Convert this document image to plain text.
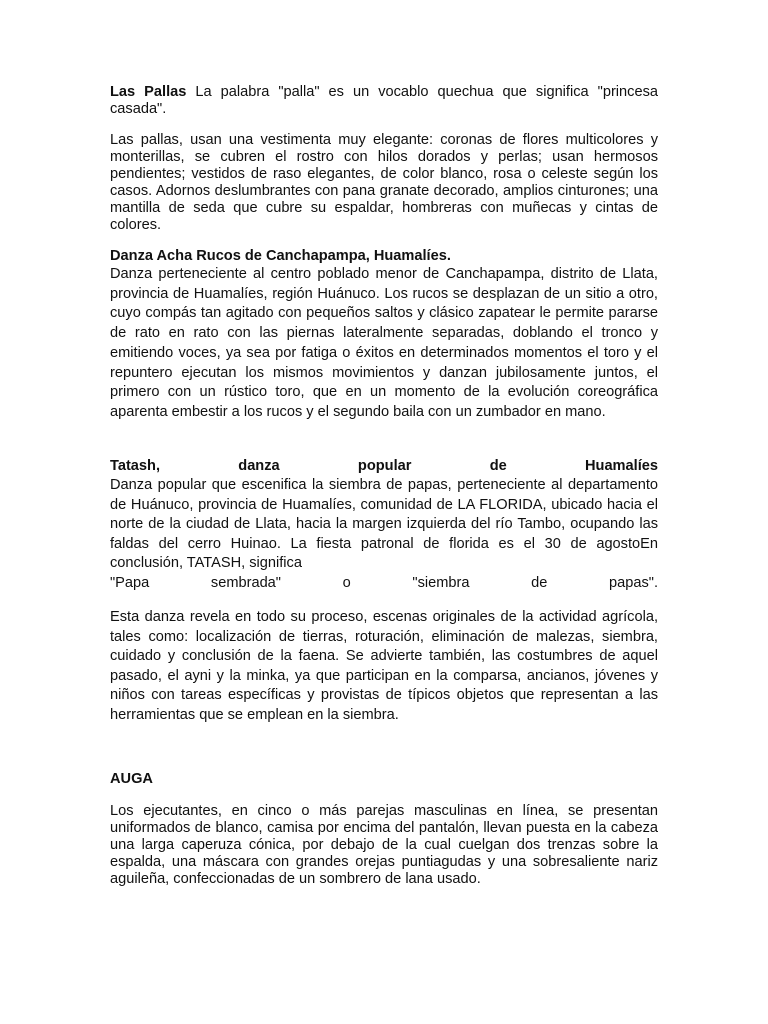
Las Pallas La palabra "palla" es un vocablo quechua que significa "princesa casada".

Las pallas, usan una vestimenta muy elegante: coronas de flores multicolores y monterillas, se cubren el rostro con hilos dorados y perlas; usan hermosos pendientes; vestidos de raso elegantes, de color blanco, rosa o celeste según los casos. Adornos deslumbrantes con pana granate decorado, amplios cinturones; una mantilla de seda que cubre su espaldar, hombreras con muñecas y cintas de colores.

Danza Acha Rucos de Canchapampa, Huamalíes.

Danza perteneciente al centro poblado menor de Canchapampa, distrito de Llata, provincia de Huamalíes, región Huánuco. Los rucos se desplazan de un sitio a otro, cuyo compás tan agitado con pequeños saltos y clásico zapatear le permite pararse de rato en rato con las piernas lateralmente separadas, doblando el tronco y emitiendo voces, ya sea por fatiga o éxitos en determinados momentos el toro y el repuntero ejecutan los mismos movimientos y danzan jubilosamente juntos, el primero con un rústico toro, que en un momento de la evolución coreográfica aparenta embestir a los rucos y el segundo baila con un zumbador en mano.

Tatash,	danza	popular	de	Huamalíes

Danza popular que escenifica la siembra de papas, perteneciente al departamento de Huánuco, provincia de Huamalíes, comunidad de LA FLORIDA, ubicado hacia el norte de la ciudad de Llata, hacia la margen izquierda del río Tambo, ocupando las faldas del cerro Huinao. La fiesta patronal de florida es el 30 de agostoEn conclusión, TATASH, significa

"Papa	sembrada"	o	"siembra	de	papas".

Esta danza revela en todo su proceso, escenas originales de la actividad agrícola, tales como: localización de tierras, roturación, eliminación de malezas, siembra, cuidado y conclusión de la faena. Se advierte también, las costumbres de aquel pasado, el ayni y la minka, ya que participan en la comparsa, ancianos, jóvenes y niños con tareas específicas y provistas de típicos objetos que representan a las herramientas que se emplean en la siembra.

AUGA

Los ejecutantes, en cinco o más parejas masculinas en línea, se presentan uniformados de blanco, camisa por encima del pantalón, llevan puesta en la cabeza una larga caperuza cónica, por debajo de la cual cuelgan dos trenzas sobre la espalda, una máscara con grandes orejas puntiagudas y una sobresaliente nariz aguileña, confeccionadas de un sombrero de lana usado.
